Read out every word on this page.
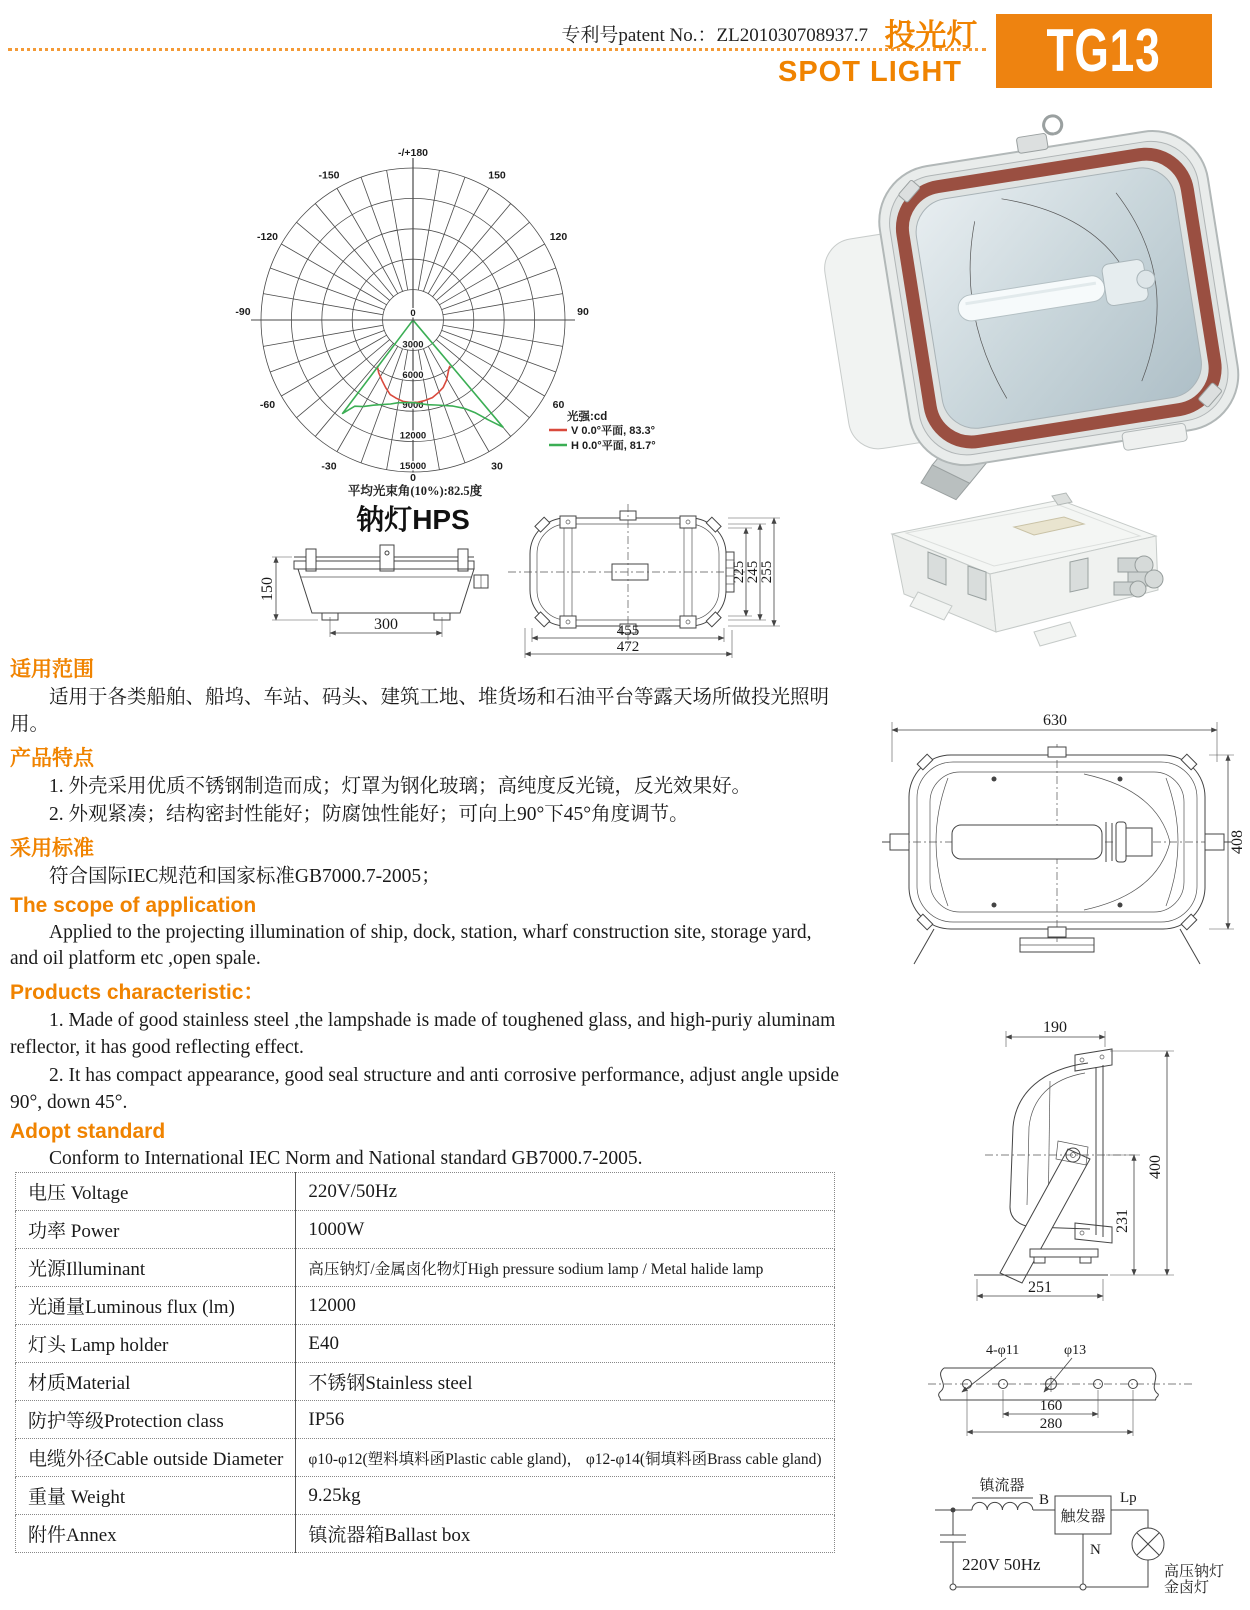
专利号patent No.：ZL201030708937.7 投光灯
SPOT LIGHT TG13
3000
6000
9000
12000
15000
0
-/+180
-150
-120
-90
-60
-30
0
30
60
90
120
150
光强:cd
V 0.0°平面, 83.3°
H 0.0°平面, 81.7°
平均光束角(10%):82.5度
钠灯HPS
150
300
225
245
255
455
472
630
408
190
400
231
251
4-φ11	φ13
160
280
镇流器
B
触发器
Lp
N
220V 50Hz	高压钠灯
金卤灯
适用范围

适用于各类船舶、船坞、车站、码头、建筑工地、堆货场和石油平台等露天场所做投光照明用。

产品特点

1. 外壳采用优质不锈钢制造而成；灯罩为钢化玻璃；高纯度反光镜，反光效果好。

2. 外观紧凑；结构密封性能好；防腐蚀性能好；可向上90°下45°角度调节。

采用标准

符合国际IEC规范和国家标准GB7000.7-2005；

The scope of application

Applied to the projecting illumination of ship, dock, station, wharf construction site, storage yard, and oil platform etc ,open spale.

Products characteristic：

1. Made of good stainless steel ,the lampshade is made of toughened glass, and high-puriy aluminam reflector, it has good reflecting effect.

2. It has compact appearance, good seal structure and anti corrosive performance, adjust angle upside 90°, down 45°.

Adopt standard

Conform to International IEC Norm and National standard GB7000.7-2005.

电压 Voltage	220V/50Hz
功率 Power	1000W
光源Illuminant	高压钠灯/金属卤化物灯High pressure sodium lamp / Metal halide lamp
光通量Luminous flux (lm)	12000
灯头 Lamp holder	E40
材质Material	不锈钢Stainless steel
防护等级Protection class	IP56
电缆外径Cable outside Diameter	φ10-φ12(塑料填料函Plastic cable gland)， φ12-φ14(铜填料函Brass cable gland)
重量 Weight	9.25kg
附件Annex	镇流器箱Ballast box
